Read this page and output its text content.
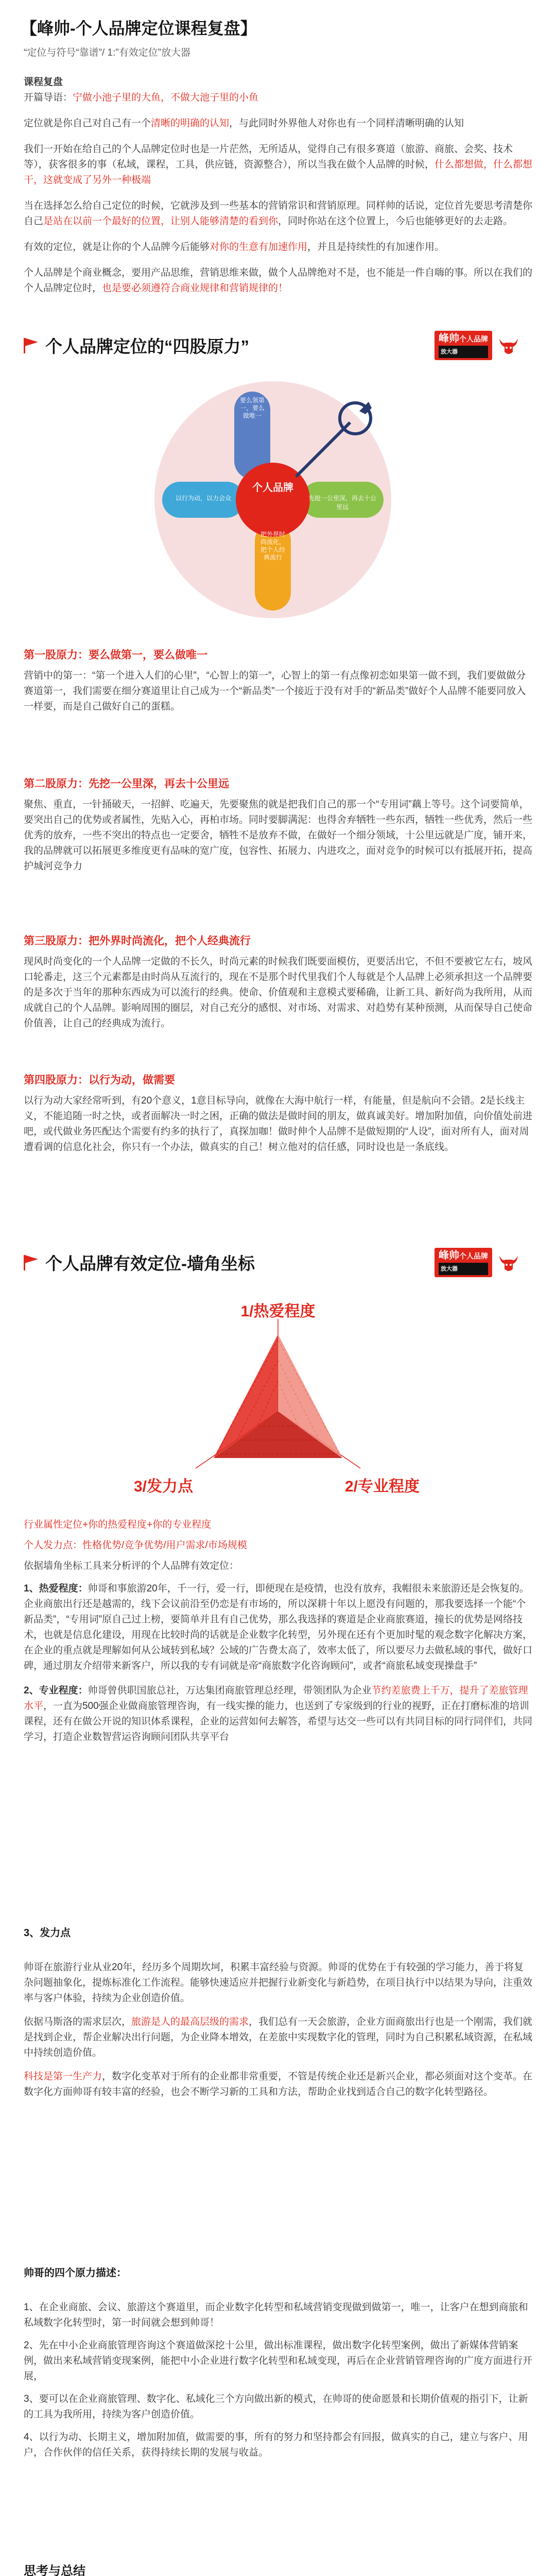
【峰帅-个人品牌定位课程复盘】
“定位与符号“靠谱”/ 1:”有效定位”放大器
课程复盘

开篇导语：宁做小池子里的大鱼，不做大池子里的小鱼

定位就是你自己对自己有一个清晰的明确的认知，与此同时外界他人对你也有一个同样清晰明确的认知

我们一开始在给自己的个人品牌定位时也是一片茫然，无所适从，觉得自己有很多赛道（旅游、商旅、会奖、技术等），获客很多的事（私域，课程，工具，供应链，资源整合），所以当我在做个人品牌的时候，什么都想做，什么都想干，这就变成了另外一种极端

当在选择怎么给自己定位的时候，它就涉及到一些基本的营销常识和营销原理。同样帅的话说，定位首先要思考清楚你自己是站在以前一个最好的位置，让别人能够清楚的看到你，同时你站在这个位置上，今后也能够更好的去走路。

有效的定位，就是让你的个人品牌今后能够对你的生意有加速作用，并且是持续性的有加速作用。

个人品牌是个商业概念，要用产品思维，营销思维来做，做个人品牌绝对不是，也不能是一件自嗨的事。所以在我们的个人品牌定位时，也是要必须遵符合商业规律和营销规律的！

个人品牌定位的“四股原力”	峰帅个人品牌
放大器
个人品牌
要么领第一，要么做唯一
以行为动，以力会众	先抢一公里深，再去十公里远
把外界时尚流化，把个人经典流行
第一股原力：要么做第一，要么做唯一

营销中的第一：“第一个进入人们的心里”，“心智上的第一”，心智上的第一有点像初恋如果第一做不到，我们要做做分赛道第一，我们需要在细分赛道里让自己成为一个“新品类”一个接近于没有对手的“新品类”做好个人品牌不能要同放入一样要，而是自己做好自己的蛋糕。

第二股原力：先挖一公里深，再去十公里远

聚焦、重直，一针捅破天，一招鲜、吃遍天，先要聚焦的就是把我们自己的那一个“专用词”藕上等号。这个词要简单，要突出自己的优势或者属性，先贴入心，再柏市场。同时要脚满泥：也得舍弃牺牲一些东西，牺牲一些优秀，然后一些优秀的放弃，一些不突出的特点也一定要舍，牺牲不是放弃不做，在做好一个细分领域，十公里远就是广度，铺开来，我的品牌就可以拓展更多维度更有品味的宽广度，包容性、拓展力、内进攻之，面对竞争的时候可以有抵展开拓，提高护城河竞争力

第三股原力：把外界时尚流化，把个人经典流行

现风时尚变化的一个人品牌一定做的不长久，时尚元素的时候我们既要面模仿，更要活出它，不但不要被它左右，坡风口轮番走，这三个元素都是由时尚从互流行的，现在不是那个时代里我们个人每就是个人品牌上必须承担这一个品牌要的是多次于当年的那种东西成为可以流行的经典。使命、价值观和主意模式要稀确，让新工具、新好尚为我所用，从而成就自己的个人品牌。影响周围的圈层，对自己充分的感恨、对市场、对需求、对趋势有某种预测，从而保导自己使命价值善，让自己的经典成为流行。

第四股原力：以行为动，做需要

以行为动大家经常听到，有20个意义，1意目标导向，就像在大海中航行一样，有能量，但是航向不会错。2是长线主义，不能追随一时之快，或者面解决一时之困，正确的做法是做时间的朋友，做真诚美好。增加附加值，向价值处前进吧，或代做业务匹配达个需要有约多的执行了，真探加咖！做时伸个人品牌不是做短期的“人设”，面对所有人，面对周遭看调的信息化社会，你只有一个办法，做真实的自己！树立他对的信任感，同时设也是一条底线。

个人品牌有效定位-墙角坐标	峰帅个人品牌
放大器
1/热爱程度
3/发力点	2/专业程度

行业属性定位+你的热爱程度+你的专业程度

个人发力点：性格优势/竞争优势/用户需求/市场规模

依据墙角坐标工具来分析评的个人品牌有效定位：

1、热爱程度：帅哥和事旅游20年，千一行，爱一行，即便现在是疫情，也没有放弃，我帽很未来旅游还是会恢复的。企业商旅出行还是越需的，线下会议前沿至仍恋是有市场的，所以深耕十年以上愿没有问题的，那我要选择一个能“个新品类”，“专用词”原自己过上榜，要简单并且有自己优势，那么我选择的赛道是企业商旅赛道，撞长的优势是网络技术，也就是信息化建设，用现在比较时尚的话就是企业数字化转型，另外现在还有个更加时髦的观念数字化解决方案，在企业的重点就是理解如何从公域转到私域？公域的广告费太高了，效率太低了，所以要尽力去做私域的事代，做好口碑，通过朋友介绍带来新客户，所以我的专有词就是帝“商旅数字化咨询顾问”，或者“商旅私域变现操盘手”

2、专业程度：帅哥曾供职国旅总社，万达集团商旅管理总经理，带领团队为企业节约差旅费上千万，提升了差旅管理水平，一直为500强企业做商旅管理咨询，有一线实操的能力，也送到了专家级到的行业的视野，正在打磨标准的培训课程，还有在做公开说的知识体系课程，企业的运营如何去解答，希望与达交一些可以有共同目标的同行同伴们，共同学习，打造企业数智营运咨询顾问团队共享平台

3、发力点

帅哥在旅游行业从业20年，经历多个周期坎坷，积累丰富经验与资源。帅哥的优势在于有较强的学习能力，善于将复杂问题抽象化，提炼标准化工作流程。能够快速适应并把握行业新变化与新趋势，在项目执行中以结果为导向，注重效率与客户体验，持续为企业创造价值。

依据马斯洛的需求层次，旅游是人的最高层级的需求，我们总有一天会旅游，企业方面商旅出行也是一个刚需，我们就是找到企业，帮企业解决出行问题，为企业降本增效，在差旅中实现数字化的管理，同时为自己积累私域资源，在私域中持续创造价值。

科技是第一生产力，数字化变革对于所有的企业都非常重要，不管是传统企业还是新兴企业，都必须面对这个变革。在数字化方面帅哥有较丰富的经验，也会不断学习新的工具和方法，帮助企业找到适合自己的数字化转型路径。

帅哥的四个原力描述：

1、在企业商旅、会议、旅游这个赛道里，而企业数字化转型和私域营销变现做到做第一，唯一，让客户在想到商旅和私域数字化转型时，第一时间就会想到帅哥！

2、先在中小企业商旅管理咨询这个赛道做深挖十公里，做出标准课程，做出数字化转型案例，做出了新媒体营销案例，做出来私域营销变现案例，能把中小企业进行数字化转型和私域变现，再后在企业营销管理咨询的广度方面进行开展，

3、要可以在企业商旅管理、数字化、私域化三个方向做出新的模式，在帅哥的使命愿景和长期价值观的指引下，让新的工具为我所用，持续为客户创造价值。

4、以行为动、长期主义，增加附加值，做需要的事，所有的努力和坚持都会有回报，做真实的自己，建立与客户、用户，合作伙伴的信任关系，获得持续长期的发展与收益。

思考与总结
